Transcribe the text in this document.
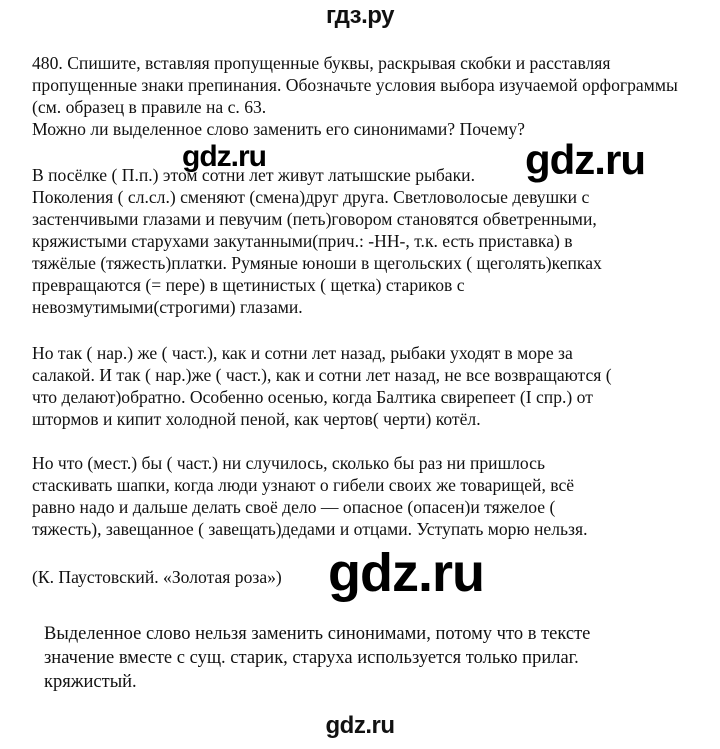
гдз.ру

480. Спишите, вставляя пропущенные буквы, раскрывая скобки и расставляя пропущенные знаки препинания. Обозначьте условия выбора изучаемой орфограммы (см. образец в правиле на с. 63.

Можно ли выделенное слово заменить его синонимами? Почему?

gdz.ru	gdz.ru

В посёлке ( П.п.) этом сотни лет живут латышские рыбаки.

Поколения ( сл.сл.) сменяют (смена)друг друга. Светловолосые девушки с

застенчивыми глазами и певучим (петь)говором становятся обветренными,

кряжистыми старухами закутанными(прич.: -НН-, т.к. есть приставка) в

тяжёлые (тяжесть)платки. Румяные юноши в щегольских ( щеголять)кепках

превращаются (= пере) в щетинистых ( щетка) стариков с

невозмутимыми(строгими) глазами.

Но так ( нар.) же ( част.), как и сотни лет назад, рыбаки уходят в море за

салакой. И так ( нар.)же ( част.), как и сотни лет назад, не все возвращаются (

что делают)обратно. Особенно осенью, когда Балтика свирепеет (I спр.) от

штормов и кипит холодной пеной, как чертов( черти) котёл.

Но что (мест.) бы ( част.) ни случилось, сколько бы раз ни пришлось

стаскивать шапки, когда люди узнают о гибели своих же товарищей, всё

равно надо и дальше делать своё дело — опасное (опасен)и тяжелое (

тяжесть), завещанное ( завещать)дедами и отцами. Уступать морю нельзя.

(К. Паустовский. «Золотая роза») gdz.ru

Выделенное слово нельзя заменить синонимами, потому что в тексте

значение вместе с сущ. старик, старуха используется только прилаг.

кряжистый.

gdz.ru
